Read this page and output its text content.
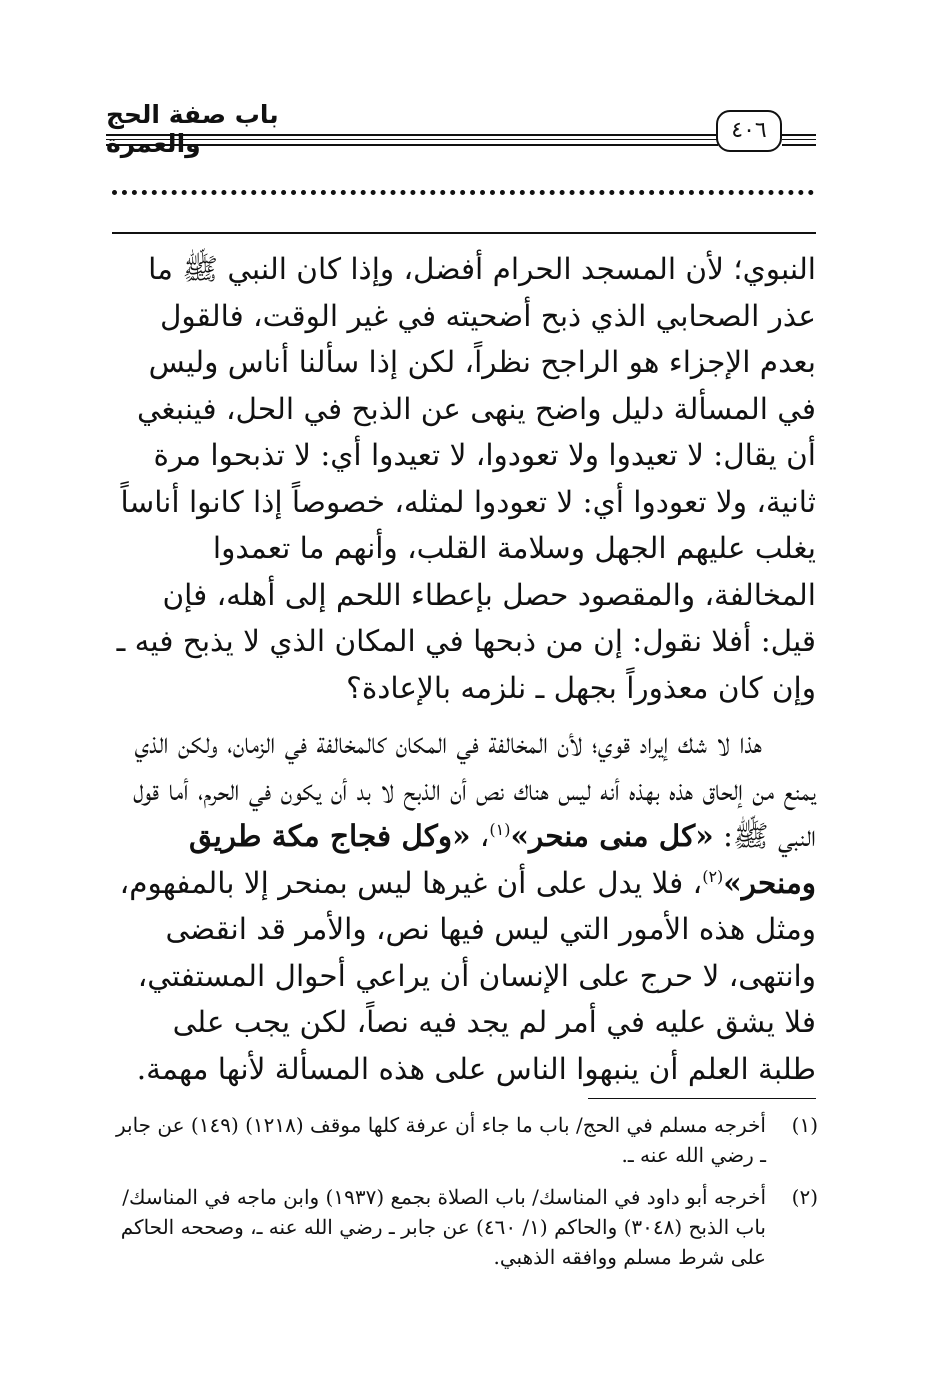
باب صفة الحج والعمرة	٤٠٦

النبوي؛ لأن المسجد الحرام أفضل، وإذا كان النبي ﷺ ما عذر الصحابي الذي ذبح أضحيته في غير الوقت، فالقول بعدم الإجزاء هو الراجح نظراً، لكن إذا سألنا أناس وليس في المسألة دليل واضح ينهى عن الذبح في الحل، فينبغي أن يقال: لا تعيدوا ولا تعودوا، لا تعيدوا أي: لا تذبحوا مرة ثانية، ولا تعودوا أي: لا تعودوا لمثله، خصوصاً إذا كانوا أناساً يغلب عليهم الجهل وسلامة القلب، وأنهم ما تعمدوا المخالفة، والمقصود حصل بإعطاء اللحم إلى أهله، فإن قيل: أفلا نقول: إن من ذبحها في المكان الذي لا يذبح فيه ـ وإن كان معذوراً بجهل ـ نلزمه بالإعادة؟

هذا لا شك إيراد قوي؛ لأن المخالفة في المكان كالمخالفة في الزمان، ولكن الذي يمنع من إلحاق هذه بهذه أنه ليس هناك نص أن الذبح لا بد أن يكون في الحرم، أما قول النبي ﷺ: «كل منى منحر»$^{(١)}$، «وكل فجاج مكة طريق ومنحر»$^{(٢)}$، فلا يدل على أن غيرها ليس بمنحر إلا بالمفهوم، ومثل هذه الأمور التي ليس فيها نص، والأمر قد انقضى وانتهى، لا حرج على الإنسان أن يراعي أحوال المستفتي، فلا يشق عليه في أمر لم يجد فيه نصاً، لكن يجب على طلبة العلم أن ينبهوا الناس على هذه المسألة لأنها مهمة.

(١)
أخرجه مسلم في الحج/ باب ما جاء أن عرفة كلها موقف (١٢١٨) (١٤٩) عن جابر ـ رضي الله عنه ـ.
(٢)
أخرجه أبو داود في المناسك/ باب الصلاة بجمع (١٩٣٧) وابن ماجه في المناسك/ باب الذبح (٣٠٤٨) والحاكم (١/ ٤٦٠) عن جابر ـ رضي الله عنه ـ، وصححه الحاكم على شرط مسلم ووافقه الذهبي.
